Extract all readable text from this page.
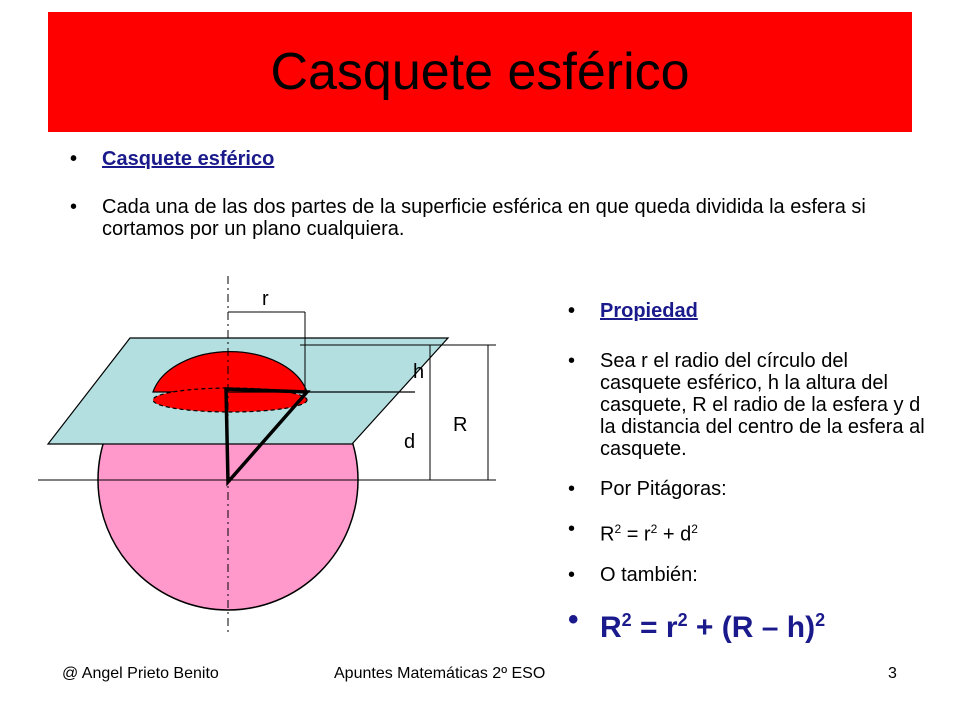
Casquete esférico
• Casquete esférico
• Cada una de las dos partes de la superficie esférica en que queda dividida la esfera si cortamos por un plano cualquiera.
r
h
d
R
• Propiedad
• Sea r el radio del círculo del casquete esférico, h la altura del casquete, R el radio de la esfera y d la distancia del centro de la esfera al casquete.
• Por Pitágoras:
• $R^2 = r^2 + d^2$
• O también:
• $R^2 = r^2 + (R - h)^2$
@ Angel Prieto Benito	Apuntes Matemáticas 2º ESO	3
